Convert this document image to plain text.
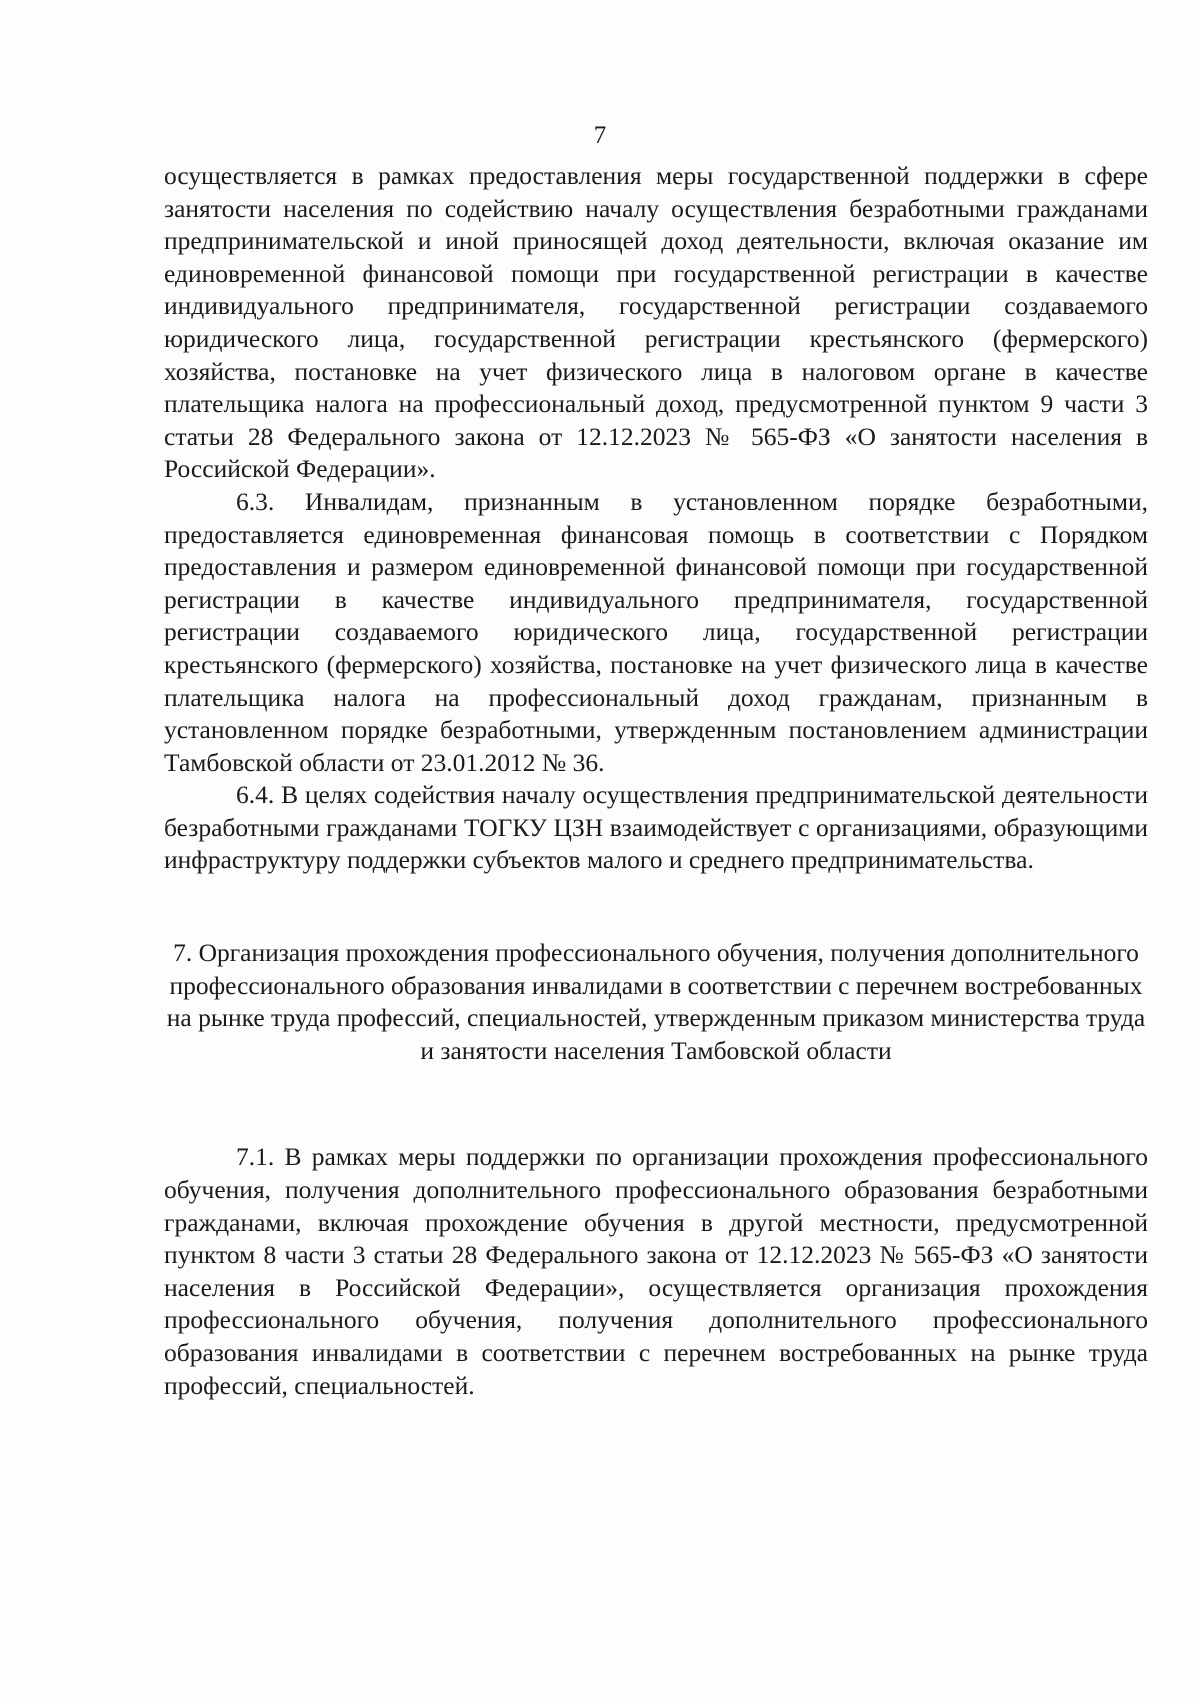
7

осуществляется в рамках предоставления меры государственной поддержки в сфере занятости населения по содействию началу осуществления безработными гражданами предпринимательской и иной приносящей доход деятельности, включая оказание им единовременной финансовой помощи при государственной регистрации в качестве индивидуального предпринимателя, государственной регистрации создаваемого юридического лица, государственной регистрации крестьянского (фермерского) хозяйства, постановке на учет физического лица в налоговом органе в качестве плательщика налога на профессиональный доход, предусмотренной пунктом 9 части 3 статьи 28 Федерального закона от 12.12.2023 № 565-ФЗ «О занятости населения в Российской Федерации».

6.3. Инвалидам, признанным в установленном порядке безработными, предоставляется единовременная финансовая помощь в соответствии с Порядком предоставления и размером единовременной финансовой помощи при государственной регистрации в качестве индивидуального предпринимателя, государственной регистрации создаваемого юридического лица, государственной регистрации крестьянского (фермерского) хозяйства, постановке на учет физического лица в качестве плательщика налога на профессиональный доход гражданам, признанным в установленном порядке безработными, утвержденным постановлением администрации Тамбовской области от 23.01.2012 № 36.

6.4. В целях содействия началу осуществления предпринимательской деятельности безработными гражданами ТОГКУ ЦЗН взаимодействует с организациями, образующими инфраструктуру поддержки субъектов малого и среднего предпринимательства.

7. Организация прохождения профессионального обучения, получения дополнительного профессионального образования инвалидами в соответствии с перечнем востребованных на рынке труда профессий, специальностей, утвержденным приказом министерства труда и занятости населения Тамбовской области

7.1. В рамках меры поддержки по организации прохождения профессионального обучения, получения дополнительного профессионального образования безработными гражданами, включая прохождение обучения в другой местности, предусмотренной пунктом 8 части 3 статьи 28 Федерального закона от 12.12.2023 № 565-ФЗ «О занятости населения в Российской Федерации», осуществляется организация прохождения профессионального обучения, получения дополнительного профессионального образования инвалидами в соответствии с перечнем востребованных на рынке труда профессий, специальностей.
